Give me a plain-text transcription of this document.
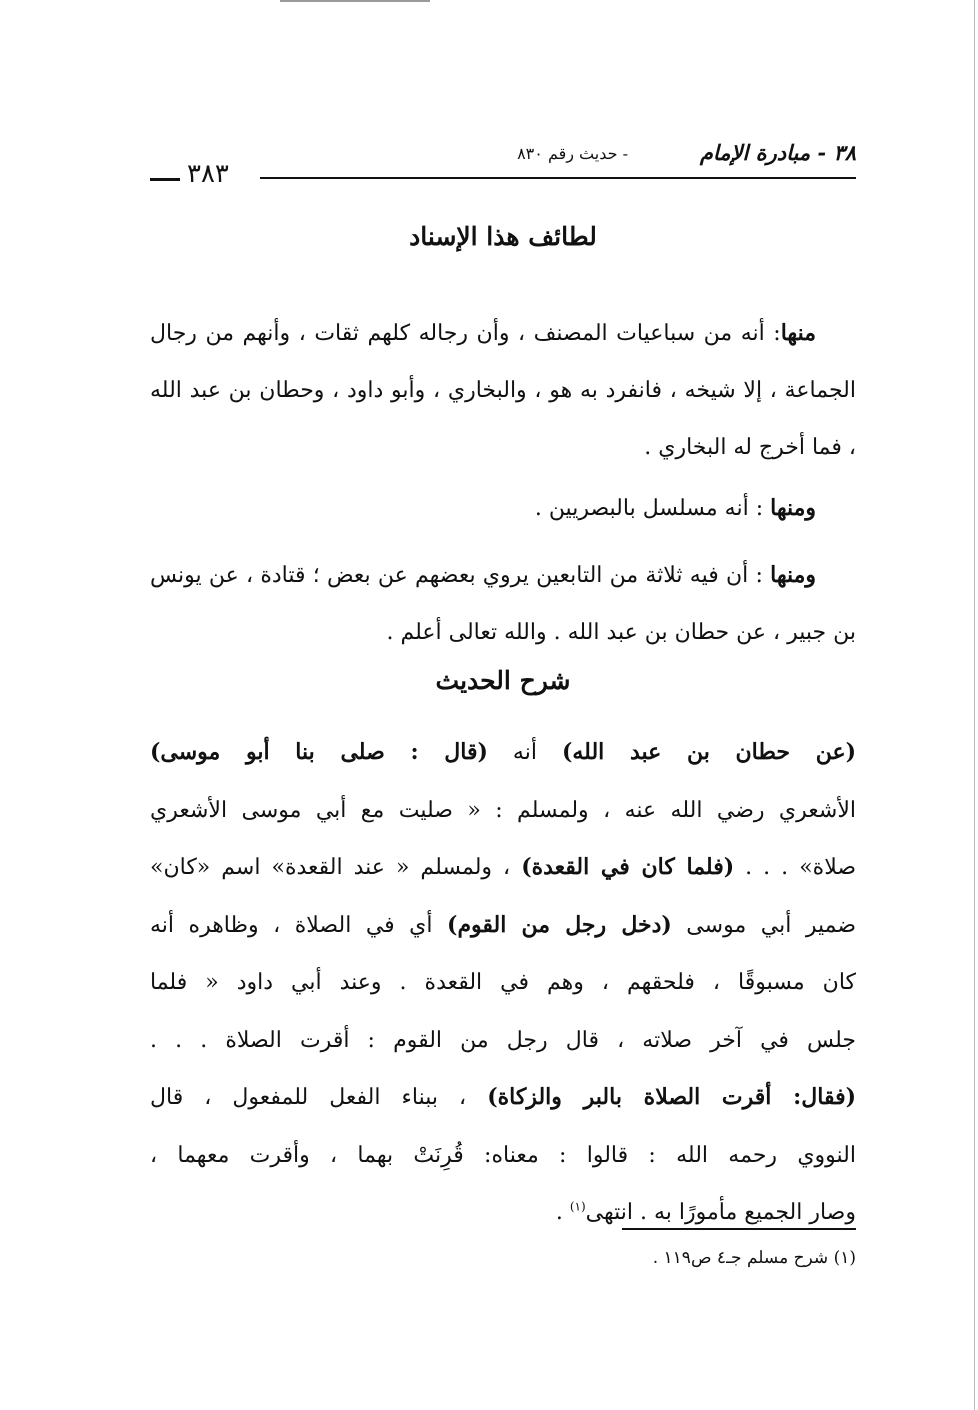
٣٨ - مبادرة الإمام
- حديث رقم ٨٣٠
٣٨٣
لطائف هذا الإسناد

منها: أنه من سباعيات المصنف ، وأن رجاله كلهم ثقات ، وأنهم من رجال الجماعة ، إلا شيخه ، فانفرد به هو ، والبخاري ، وأبو داود ، وحطان بن عبد الله ، فما أخرج له البخاري .

ومنها : أنه مسلسل بالبصريين .

ومنها : أن فيه ثلاثة من التابعين يروي بعضهم عن بعض ؛ قتادة ، عن يونس بن جبير ، عن حطان بن عبد الله . والله تعالى أعلم .

شرح الحديث
(عن حطان بن عبد الله) أنه (قال : صلى بنا أبو موسى)
الأشعري رضي الله عنه ، ولمسلم : « صليت مع أبي موسى الأشعري
صلاة» . . . (فلما كان في القعدة) ، ولمسلم « عند القعدة» اسم «كان»
ضمير أبي موسى (دخل رجل من القوم) أي في الصلاة ، وظاهره أنه
كان مسبوقًا ، فلحقهم ، وهم في القعدة . وعند أبي داود « فلما
جلس في آخر صلاته ، قال رجل من القوم : أقرت الصلاة . . .
(فقال: أقرت الصلاة بالبر والزكاة) ، ببناء الفعل للمفعول ، قال
النووي رحمه الله : قالوا : معناه: قُرِنَتْ بهما ، وأقرت معهما ،
وصار الجميع مأمورًا به . انتهى$^{(١)}$ .
(١) شرح مسلم جـ٤ ص١١٩ .
